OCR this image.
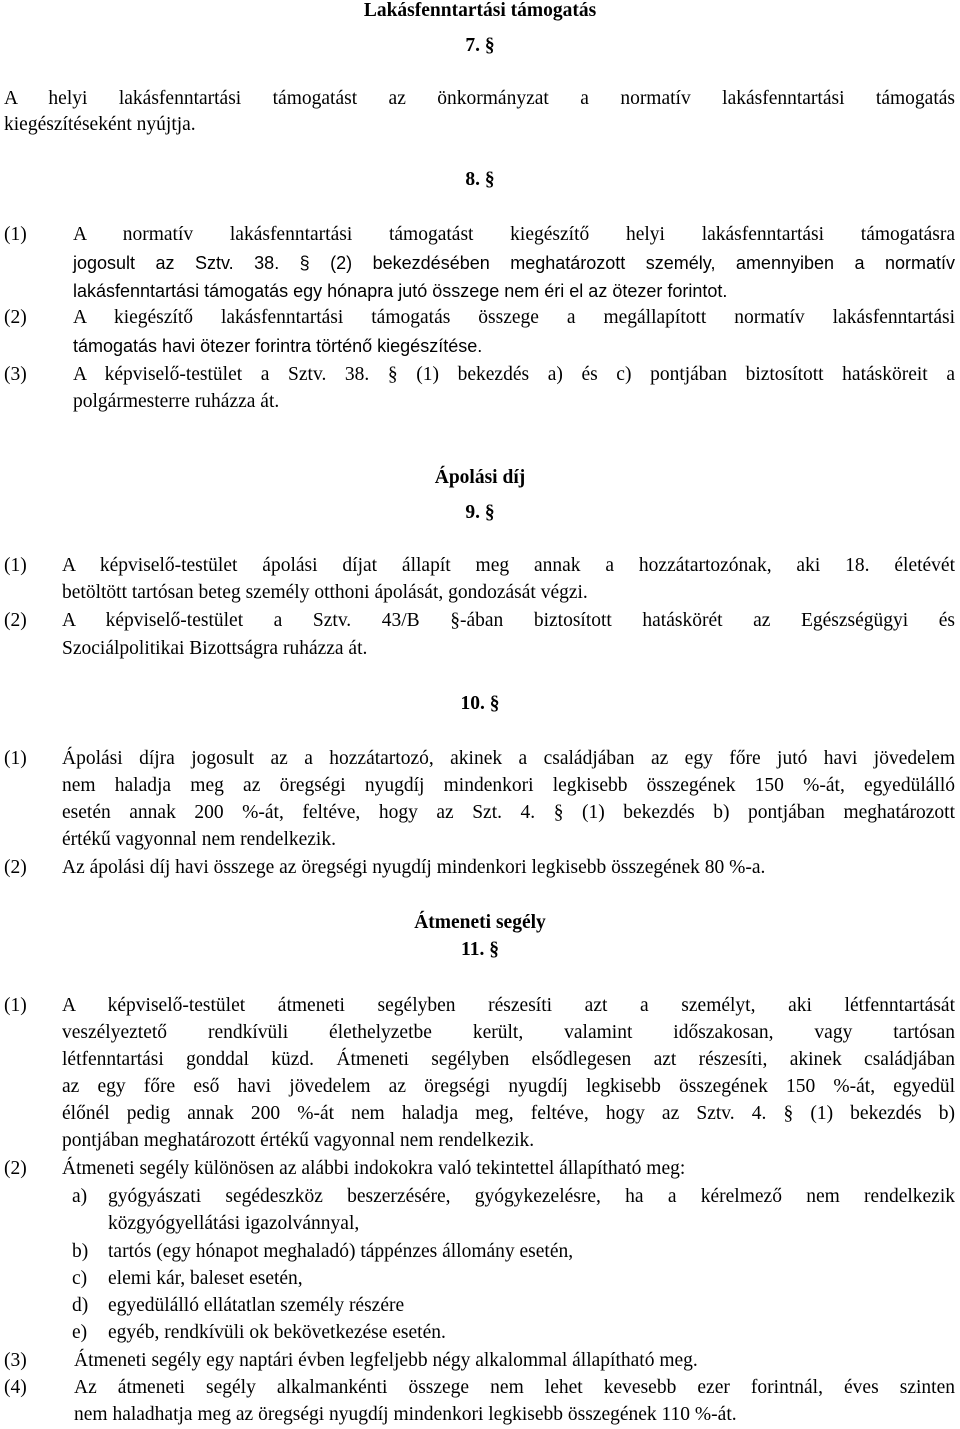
Lakásfenntartási támogatás
7. §
A helyi lakásfenntartási támogatást az önkormányzat a normatív lakásfenntartási támogatás
kiegészítéseként nyújtja.
8. §
(1) A normatív lakásfenntartási támogatást kiegészítő helyi lakásfenntartási támogatásra
jogosult az Sztv. 38. § (2) bekezdésében meghatározott személy, amennyiben a normatív
lakásfenntartási támogatás egy hónapra jutó összege nem éri el az ötezer forintot.
(2) A kiegészítő lakásfenntartási támogatás összege a megállapított normatív lakásfenntartási
támogatás havi ötezer forintra történő kiegészítése.
(3) A képviselő-testület a Sztv. 38. § (1) bekezdés a) és c) pontjában biztosított hatásköreit a
polgármesterre ruházza át.
Ápolási díj
9. §
(1) A képviselő-testület ápolási díjat állapít meg annak a hozzátartozónak, aki 18. életévét
betöltött tartósan beteg személy otthoni ápolását, gondozását végzi.
(2) A képviselő-testület a Sztv. 43/B §-ában biztosított hatáskörét az Egészségügyi és
Szociálpolitikai Bizottságra ruházza át.
10. §
(1) Ápolási díjra jogosult az a hozzátartozó, akinek a családjában az egy főre jutó havi jövedelem
nem haladja meg az öregségi nyugdíj mindenkori legkisebb összegének 150 %-át, egyedülálló
esetén annak 200 %-át, feltéve, hogy az Szt. 4. § (1) bekezdés b) pontjában meghatározott
értékű vagyonnal nem rendelkezik.
(2) Az ápolási díj havi összege az öregségi nyugdíj mindenkori legkisebb összegének 80 %-a.
Átmeneti segély
11. §
(1) A képviselő-testület átmeneti segélyben részesíti azt a személyt, aki létfenntartását
veszélyeztető rendkívüli élethelyzetbe került, valamint időszakosan, vagy tartósan
létfenntartási gonddal küzd. Átmeneti segélyben elsődlegesen azt részesíti, akinek családjában
az egy főre eső havi jövedelem az öregségi nyugdíj legkisebb összegének 150 %-át, egyedül
élőnél pedig annak 200 %-át nem haladja meg, feltéve, hogy az Sztv. 4. § (1) bekezdés b)
pontjában meghatározott értékű vagyonnal nem rendelkezik.
(2) Átmeneti segély különösen az alábbi indokokra való tekintettel állapítható meg:
a) gyógyászati segédeszköz beszerzésére, gyógykezelésre, ha a kérelmező nem rendelkezik
közgyógyellátási igazolvánnyal,
b) tartós (egy hónapot meghaladó) táppénzes állomány esetén,
c) elemi kár, baleset esetén,
d) egyedülálló ellátatlan személy részére
e) egyéb, rendkívüli ok bekövetkezése esetén.
(3) Átmeneti segély egy naptári évben legfeljebb négy alkalommal állapítható meg.
(4) Az átmeneti segély alkalmankénti összege nem lehet kevesebb ezer forintnál, éves szinten
nem haladhatja meg az öregségi nyugdíj mindenkori legkisebb összegének 110 %-át.
